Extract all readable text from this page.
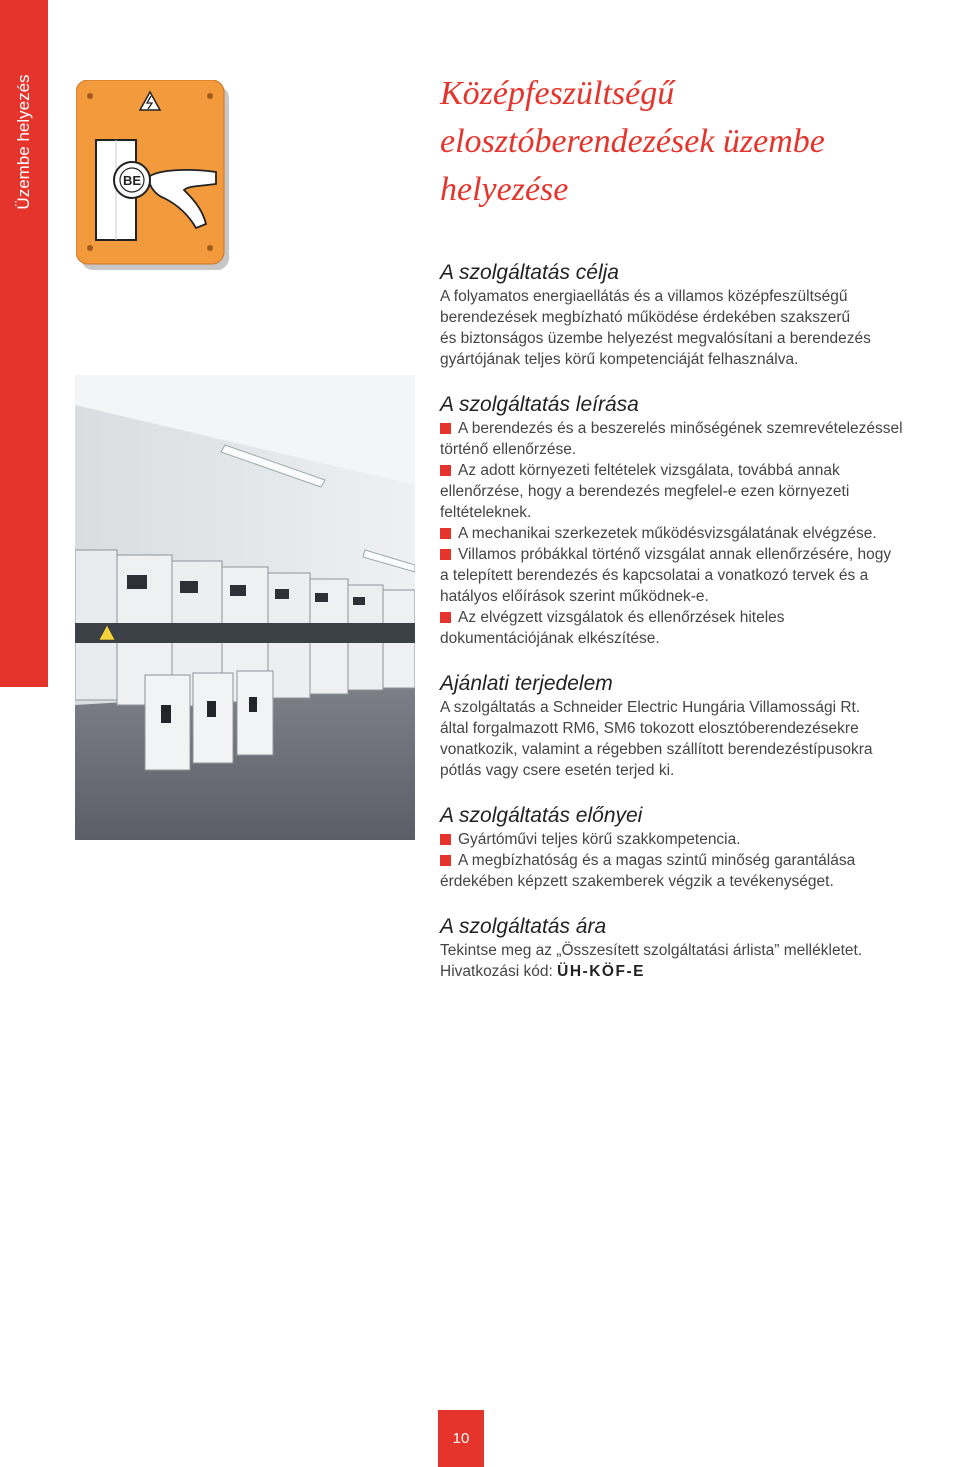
Üzembe helyezés	Középfeszültségű
elosztóberendezések üzembe
helyezése
BE
A szolgáltatás célja

A folyamatos energiaellátás és a villamos középfeszültségű

berendezések megbízható működése érdekében szakszerű

és biztonságos üzembe helyezést megvalósítani a berendezés

gyártójának teljes körű kompetenciáját felhasználva.

A szolgáltatás leírása

A berendezés és a beszerelés minőségének szemrevételezéssel

történő ellenőrzése.

Az adott környezeti feltételek vizsgálata, továbbá annak

ellenőrzése, hogy a berendezés megfelel-e ezen környezeti

feltételeknek.

A mechanikai szerkezetek működésvizsgálatának elvégzése.

Villamos próbákkal történő vizsgálat annak ellenőrzésére, hogy

a telepített berendezés és kapcsolatai a vonatkozó tervek és a

hatályos előírások szerint működnek-e.

Az elvégzett vizsgálatok és ellenőrzések hiteles

dokumentációjának elkészítése.

Ajánlati terjedelem

A szolgáltatás a Schneider Electric Hungária Villamossági Rt.

által forgalmazott RM6, SM6 tokozott elosztóberendezésekre

vonatkozik, valamint a régebben szállított berendezéstípusokra

pótlás vagy csere esetén terjed ki.

A szolgáltatás előnyei

Gyártóművi teljes körű szakkompetencia.

A megbízhatóság és a magas szintű minőség garantálása

érdekében képzett szakemberek végzik a tevékenységet.

A szolgáltatás ára

Tekintse meg az „Összesített szolgáltatási árlista” mellékletet.

Hivatkozási kód: ÜH-KÖF-E

10
